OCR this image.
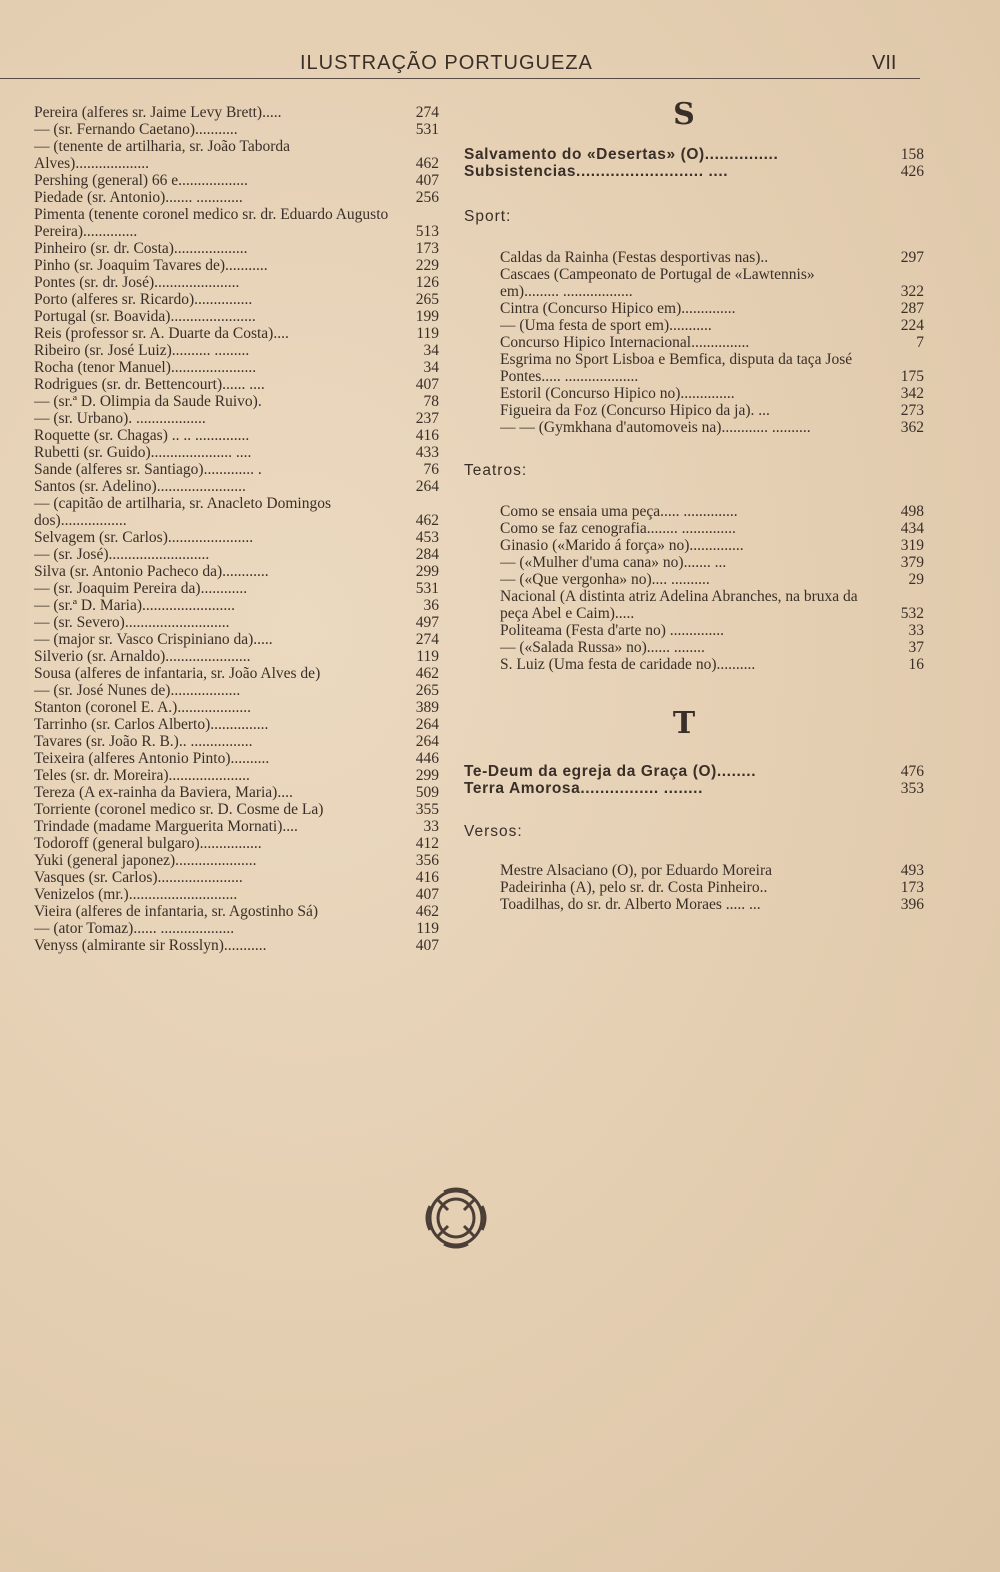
ILUSTRAÇÃO PORTUGUEZA	VII
Pereira (alferes sr. Jaime Levy Brett).....	274
— (sr. Fernando Caetano)...........	531
— (tenente de artilharia, sr. João Taborda Alves)...................	462
Pershing (general) 66 e..................	407
Piedade (sr. Antonio)....... ............	256
Pimenta (tenente coronel medico sr. dr. Eduardo Augusto Pereira)..............	513
Pinheiro (sr. dr. Costa)...................	173
Pinho (sr. Joaquim Tavares de)...........	229
Pontes (sr. dr. José)......................	126
Porto (alferes sr. Ricardo)...............	265
Portugal (sr. Boavida)......................	199
Reis (professor sr. A. Duarte da Costa)....	119
Ribeiro (sr. José Luiz).......... .........	34
Rocha (tenor Manuel)......................	34
Rodrigues (sr. dr. Bettencourt)...... ....	407
— (sr.ª D. Olimpia da Saude Ruivo).	78
— (sr. Urbano). ..................	237
Roquette (sr. Chagas) .. .. ..............	416
Rubetti (sr. Guido)..................... ....	433
Sande (alferes sr. Santiago)............. .	76
Santos (sr. Adelino).......................	264
— (capitão de artilharia, sr. Anacleto Domingos dos).................	462
Selvagem (sr. Carlos)......................	453
— (sr. José)..........................	284
Silva (sr. Antonio Pacheco da)............	299
— (sr. Joaquim Pereira da)............	531
— (sr.ª D. Maria)........................	36
— (sr. Severo)...........................	497
— (major sr. Vasco Crispiniano da).....	274
Silverio (sr. Arnaldo)......................	119
Sousa (alferes de infantaria, sr. João Alves de)	462
— (sr. José Nunes de)..................	265
Stanton (coronel E. A.)...................	389
Tarrinho (sr. Carlos Alberto)...............	264
Tavares (sr. João R. B.).. ................	264
Teixeira (alferes Antonio Pinto)..........	446
Teles (sr. dr. Moreira).....................	299
Tereza (A ex-rainha da Baviera, Maria)....	509
Torriente (coronel medico sr. D. Cosme de La)	355
Trindade (madame Marguerita Mornati)....	33
Todoroff (general bulgaro)................	412
Yuki (general japonez).....................	356
Vasques (sr. Carlos)......................	416
Venizelos (mr.)............................	407
Vieira (alferes de infantaria, sr. Agostinho Sá)	462
— (ator Tomaz)...... ...................	119
Venyss (almirante sir Rosslyn)...........	407
S
Salvamento do «Desertas» (O)...............	158
Subsistencias.......................... ....	426
Sport:
Caldas da Rainha (Festas desportivas nas)..	297
Cascaes (Campeonato de Portugal de «Lawtennis» em)......... ..................	322
Cintra (Concurso Hipico em)..............	287
— (Uma festa de sport em)...........	224
Concurso Hipico Internacional...............	7
Esgrima no Sport Lisboa e Bemfica, disputa da taça José Pontes..... ...................	175
Estoril (Concurso Hipico no)..............	342
Figueira da Foz (Concurso Hipico da ja). ...	273
— — (Gymkhana d'automoveis na)............ ..........	362
Teatros:
Como se ensaia uma peça..... ..............	498
Como se faz cenografia........ ..............	434
Ginasio («Marido á força» no)..............	319
— («Mulher d'uma cana» no)....... ...	379
— («Que vergonha» no).... ..........	29
Nacional (A distinta atriz Adelina Abranches, na bruxa da peça Abel e Caim).....	532
Politeama (Festa d'arte no) ..............	33
— («Salada Russa» no)...... ........	37
S. Luiz (Uma festa de caridade no)..........	16
T
Te-Deum da egreja da Graça (O)........	476
Terra Amorosa................ ........	353
Versos:
Mestre Alsaciano (O), por Eduardo Moreira	493
Padeirinha (A), pelo sr. dr. Costa Pinheiro..	173
Toadilhas, do sr. dr. Alberto Moraes ..... ...	396
